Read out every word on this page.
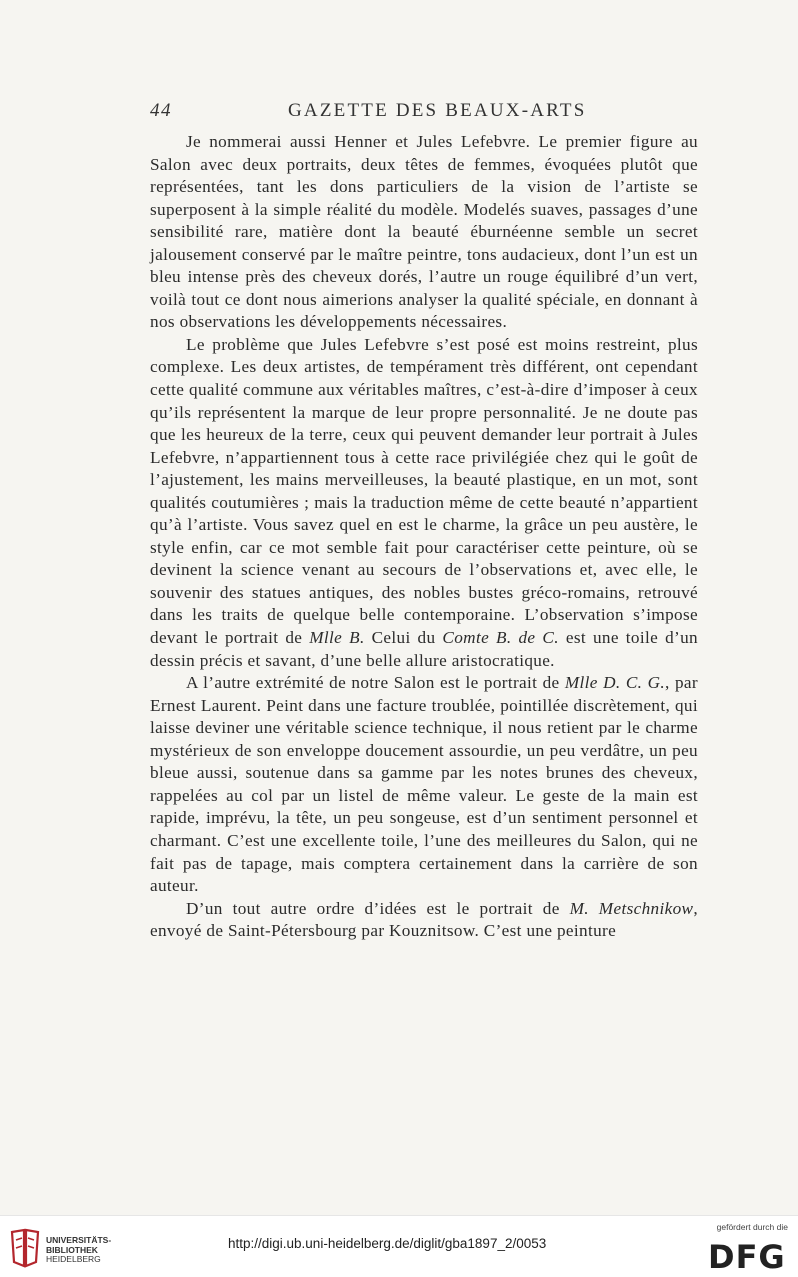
44	GAZETTE DES BEAUX-ARTS

Je nommerai aussi Henner et Jules Lefebvre. Le premier figure au Salon avec deux portraits, deux têtes de femmes, évoquées plutôt que représentées, tant les dons particuliers de la vision de l’artiste se superposent à la simple réalité du modèle. Modelés suaves, passages d’une sensibilité rare, matière dont la beauté éburnéenne semble un secret jalousement conservé par le maître peintre, tons audacieux, dont l’un est un bleu intense près des cheveux dorés, l’autre un rouge équilibré d’un vert, voilà tout ce dont nous aimerions analyser la qualité spéciale, en donnant à nos observations les développements nécessaires.

Le problème que Jules Lefebvre s’est posé est moins restreint, plus complexe. Les deux artistes, de tempérament très différent, ont cependant cette qualité commune aux véritables maîtres, c’est-à-dire d’imposer à ceux qu’ils représentent la marque de leur propre personnalité. Je ne doute pas que les heureux de la terre, ceux qui peuvent demander leur portrait à Jules Lefebvre, n’appartiennent tous à cette race privilégiée chez qui le goût de l’ajustement, les mains merveilleuses, la beauté plastique, en un mot, sont qualités coutumières ; mais la traduction même de cette beauté n’appartient qu’à l’artiste. Vous savez quel en est le charme, la grâce un peu austère, le style enfin, car ce mot semble fait pour caractériser cette peinture, où se devinent la science venant au secours de l’observations et, avec elle, le souvenir des statues antiques, des nobles bustes gréco-romains, retrouvé dans les traits de quelque belle contemporaine. L’observation s’impose devant le portrait de Mlle B. Celui du Comte B. de C. est une toile d’un dessin précis et savant, d’une belle allure aristocratique.

A l’autre extrémité de notre Salon est le portrait de Mlle D. C. G., par Ernest Laurent. Peint dans une facture troublée, pointillée discrètement, qui laisse deviner une véritable science technique, il nous retient par le charme mystérieux de son enveloppe doucement assourdie, un peu verdâtre, un peu bleue aussi, soutenue dans sa gamme par les notes brunes des cheveux, rappelées au col par un listel de même valeur. Le geste de la main est rapide, imprévu, la tête, un peu songeuse, est d’un sentiment personnel et charmant. C’est une excellente toile, l’une des meilleures du Salon, qui ne fait pas de tapage, mais comptera certainement dans la carrière de son auteur.

D’un tout autre ordre d’idées est le portrait de M. Metschnikow, envoyé de Saint-Pétersbourg par Kouznitsow. C’est une peinture

UNIVERSITÄTS-
BIBLIOTHEK
HEIDELBERG
http://digi.ub.uni-heidelberg.de/diglit/gba1897_2/0053
gefördert durch die
DFG
